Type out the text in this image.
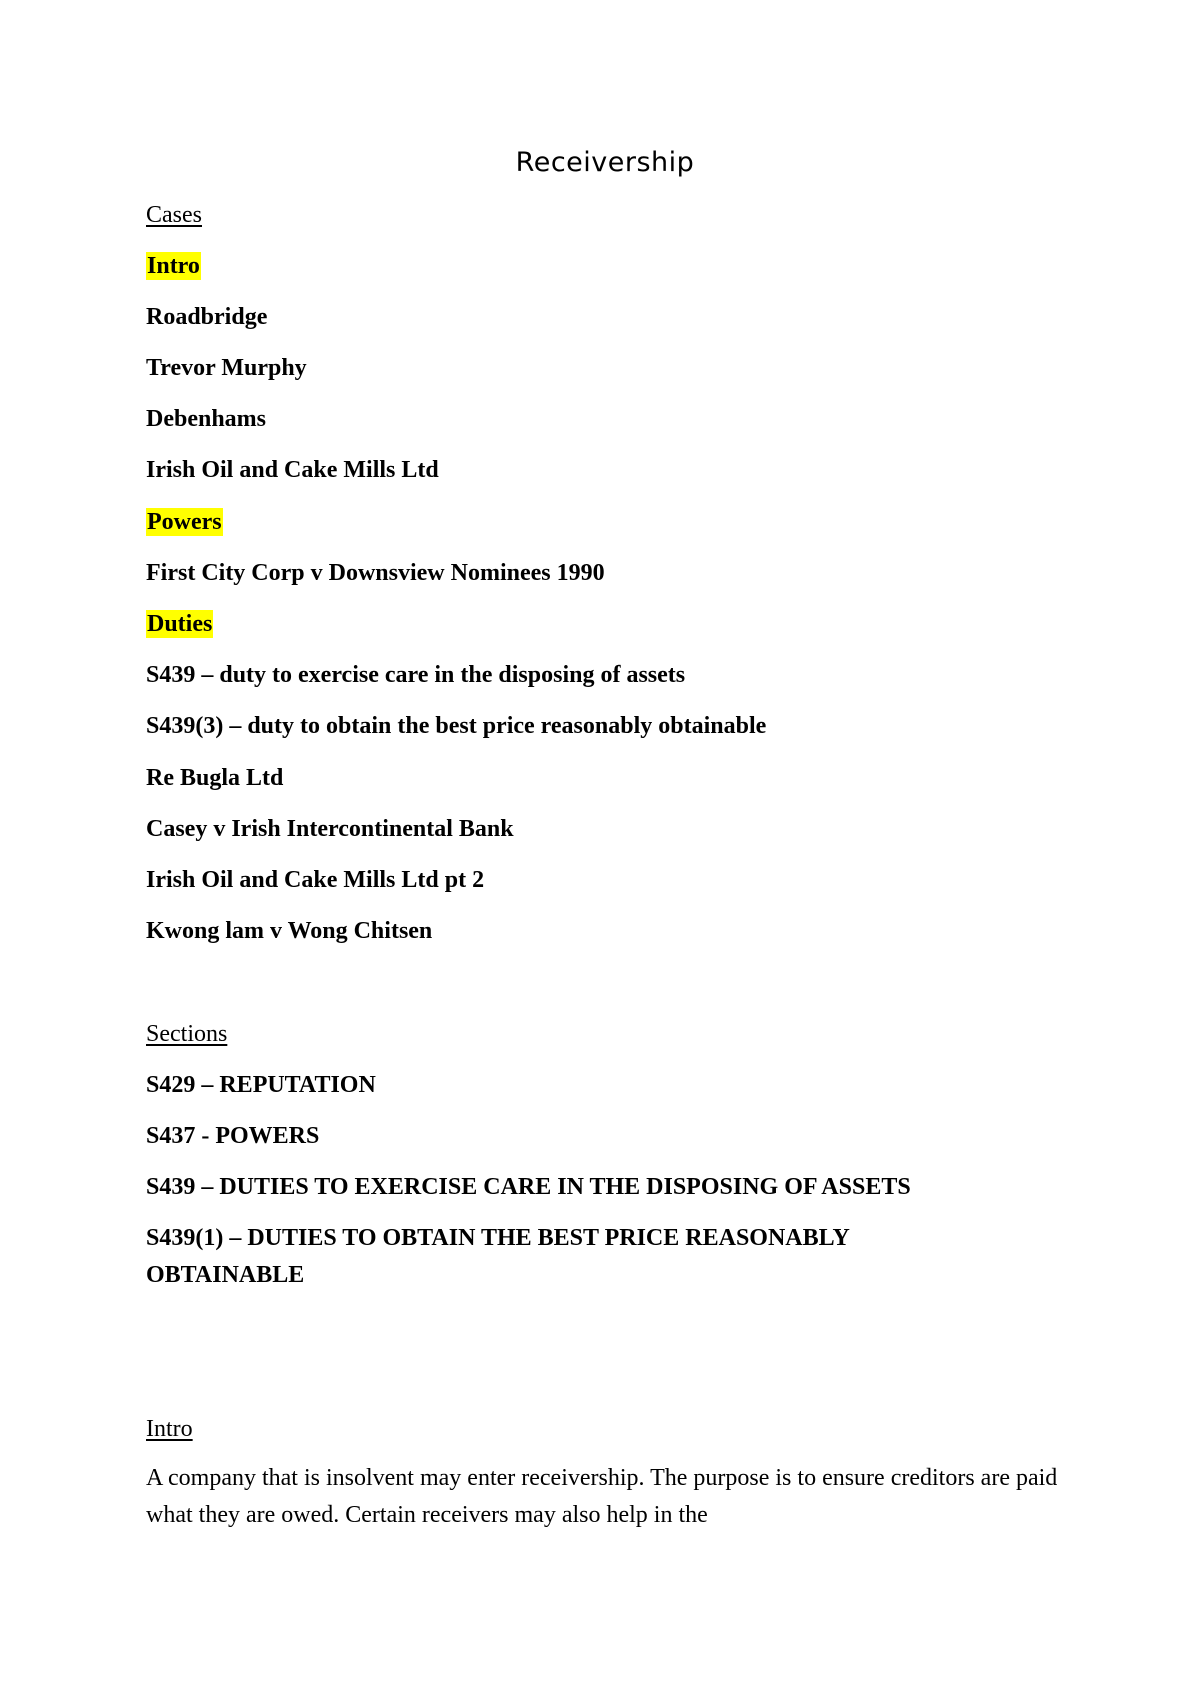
Receivership
Cases
Intro
Roadbridge
Trevor Murphy
Debenhams
Irish Oil and Cake Mills Ltd
Powers
First City Corp v Downsview Nominees 1990
Duties
S439 – duty to exercise care in the disposing of assets
S439(3) – duty to obtain the best price reasonably obtainable
Re Bugla Ltd
Casey v Irish Intercontinental Bank
Irish Oil and Cake Mills Ltd pt 2
Kwong lam v Wong Chitsen
Sections
S429 – REPUTATION
S437 - POWERS
S439 – DUTIES TO EXERCISE CARE IN THE DISPOSING OF ASSETS
S439(1) – DUTIES TO OBTAIN THE BEST PRICE REASONABLY
OBTAINABLE
Intro
A company that is insolvent may enter receivership. The purpose is to ensure creditors are paid what they are owed. Certain receivers may also help in the
